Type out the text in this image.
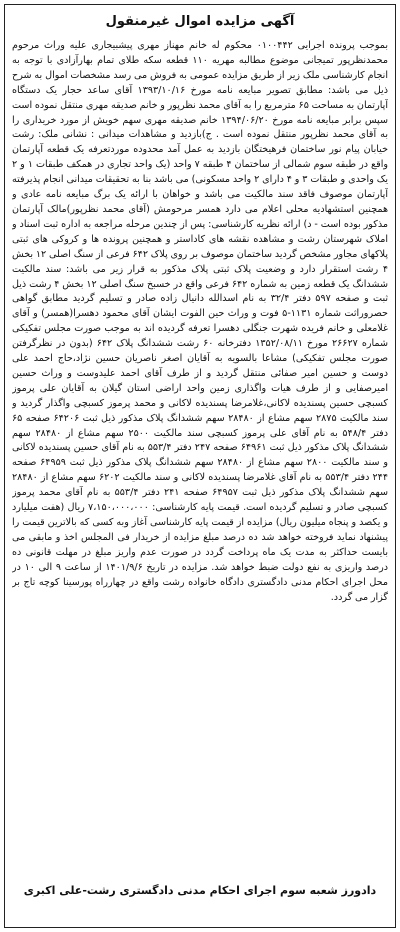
آگهی مزایده اموال غیرمنقول

بموجب پرونده اجرایی ۰۱۰۰۴۴۲ محکوم له خانم مهناز مهری پیشبیجاری علیه وراث مرحوم محمدنظرپور تمیجانی موضوع مطالبه مهریه ۱۱۰ قطعه سکه طلای تمام بهارآزادی با توجه به انجام کارشناسی ملک زیر از طریق مزایده عمومی به فروش می رسد مشخصات اموال به شرح ذیل می باشد: مطابق تصویر مبایعه نامه مورخ ۱۳۹۳/۱۰/۱۶ آقای ساعد حجار یک دستگاه آپارتمان به مساحت ۶۵ مترمربع را به آقای محمد نظرپور و خانم صدیقه مهری منتقل نموده است سپس برابر مبایعه نامه مورخ ۱۳۹۴/۰۶/۲۰ خانم صدیقه مهری سهم خویش از مورد خریداری را به آقای محمد نظرپور منتقل نموده است . ج)بازدید و مشاهدات میدانی : نشانی ملک: رشت خیابان پیام نور ساختمان فرهیختگان بازدید به عمل آمد محدوده موردتعرفه یک قطعه آپارتمان واقع در طبقه سوم شمالی از ساختمان ۴ طبقه ۷ واحد (یک واحد تجاری در همکف طبقات ۱ و ۲ یک واحدی و طبقات ۳ و ۴ دارای ۲ واحد مسکونی) می باشد بنا به تحقیقات میدانی انجام پذیرفته آپارتمان موصوف فاقد سند مالکیت می باشد و خواهان با ارائه یک برگ مبایعه نامه عادی و همچنین استشهادیه محلی اعلام می دارد همسر مرحومش (آقای محمد نظرپور)مالک آپارتمان مذکور بوده است - د) ارائه نظریه کارشناسی: پس از چندین مرحله مراجعه به اداره ثبت اسناد و املاک شهرستان رشت و مشاهده نقشه های کاداستر و همچنین پرونده ها و کروکی های ثبتی پلاکهای مجاور مشخص گردید ساختمان موصوف بر روی پلاک ۶۴۲ فرعی از سنگ اصلی ۱۲ بخش ۴ رشت استقرار دارد و وضعیت پلاک ثبتی پلاک مذکور به قرار زیر می باشد: سند مالکیت ششدانگ یک قطعه زمین به شماره ۶۴۲ فرعی واقع در خسبخ سنگ اصلی ۱۲ بخش ۴ رشت ذیل ثبت و صفحه ۵۹۷ دفتر ۳۲/۴ به نام اسدالله دانیال زاده صادر و تسلیم گردید مطابق گواهی حصروراثت شماره ۱۱۳۱-۵ فوت و وراث حین الفوت ایشان آقای محمود دهسرا(همسر) و آقای غلامعلی و خانم فریده شهرت جنگلی دهسرا تعرفه گردیده اند به موجب صورت مجلس تفکیکی شماره ۲۶۶۲۷ مورخ ۱۳۵۲/۰۸/۱۱ دفترخانه ۶۰ رشت ششدانگ پلاک ۶۴۲ (بدون در نظرگرفتن صورت مجلس تفکیکی) مشاعا بالسویه به آقایان اصغر ناصریان حسین نژاد،حاج احمد علی دوست و حسین امیر صفائی منتقل گردید و از طرف آقای احمد علیدوست و وراث حسین امیرصفایی و از طرف هیات واگذاری زمین واحد اراضی استان گیلان به آقایان علی پرموز کسبچی حسین پسندیده لاکانی،غلامرضا پسندیده لاکانی و محمد پرموز کسبچی واگذار گردید و سند مالکیت ۲۸۷۵ سهم مشاع از ۲۸۴۸۰ سهم ششدانگ پلاک مذکور ذیل ثبت ۶۴۲۰۶ صفحه ۶۵ دفتر ۵۴۸/۴ به نام آقای علی پرموز کسبچی سند مالکیت ۲۵۰۰ سهم مشاع از ۲۸۴۸۰ سهم ششدانگ پلاک مذکور ذیل ثبت ۶۴۹۶۱ صفحه ۲۴۷ دفتر ۵۵۳/۴ به نام آقای حسین پسندیده لاکانی و سند مالکیت ۲۸۰۰ سهم مشاع از ۲۸۴۸۰ سهم ششدانگ پلاک مذکور ذیل ثبت ۶۴۹۵۹ صفحه ۲۴۴ دفتر ۵۵۳/۴ به نام آقای غلامرضا پسندیده لاکانی و سند مالکیت ۶۲۰۲ سهم مشاع از ۲۸۴۸۰ سهم ششدانگ پلاک مذکور ذیل ثبت ۶۴۹۵۷ صفحه ۲۴۱ دفتر ۵۵۳/۴ به نام آقای محمد پرموز کسبچی صادر و تسلیم گردیده است. قیمت پایه کارشناسی: ۷،۱۵۰،۰۰۰،۰۰۰ ریال (هفت میلیارد و یکصد و پنجاه میلیون ریال) مزایده از قیمت پایه کارشناسی آغاز وبه کسی که بالاترین قیمت را پیشنهاد نماید فروخته خواهد شد ده درصد مبلغ مزایده از خریدار فی المجلس اخذ و مابقی می بایست حداکثر به مدت یک ماه پرداخت گردد در صورت عدم واریز مبلغ در مهلت قانونی ده درصد واریزی به نفع دولت ضبط خواهد شد. مزایده در تاریخ ۱۴۰۱/۹/۶ از ساعت ۹ الی ۱۰ در محل اجرای احکام مدنی دادگستری دادگاه خانواده رشت واقع در چهارراه پورسینا کوچه تاج بر گزار می گردد.

دادورز شعبه سوم اجرای احکام مدنی دادگستری رشت-علی اکبری
